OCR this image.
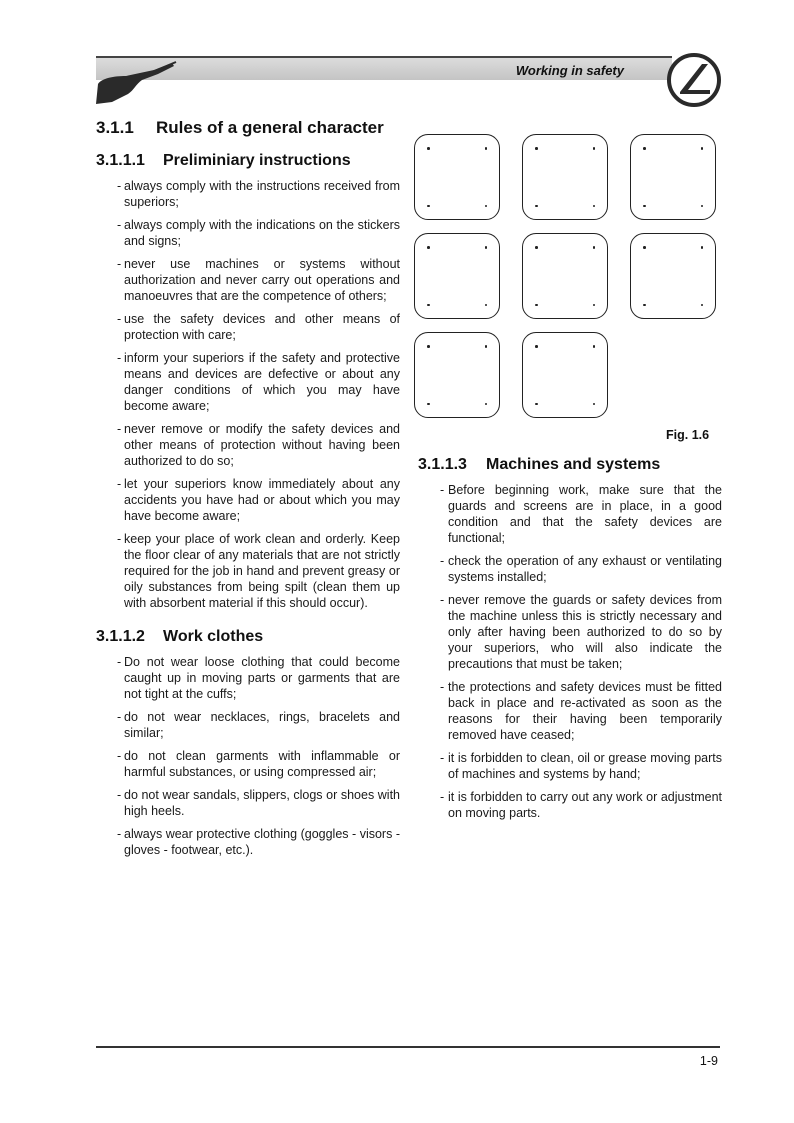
Working in safety
3.1.1	Rules of a general character
3.1.1.1	Preliminiary instructions
- always comply with the instructions received from superiors;
- always comply with the indications on the stickers and signs;
- never use machines or systems without authorization and never carry out operations and manoeuvres that are the competence of others;
- use the safety devices and other means of protection with care;
- inform your superiors if the safety and protective means and devices are defective or about any danger conditions of which you may have become aware;
- never remove or modify the safety devices and other means of protection without having been authorized to do so;
- let your superiors know immediately about any accidents you have had or about which you may have become aware;
- keep your place of work clean and orderly. Keep the floor clear of any materials that are not strictly required for the job in hand and prevent greasy or oily substances from being spilt (clean them up with absorbent material if this should occur).
3.1.1.2	Work clothes
- Do not wear loose clothing that could become caught up in moving parts or garments that are not tight at the cuffs;
- do not wear necklaces, rings, bracelets and similar;
- do not clean garments with inflammable or harmful substances, or using compressed air;
- do not wear sandals, slippers, clogs or shoes with high heels.
- always wear protective clothing (goggles - visors - gloves - footwear, etc.).
Fig. 1.6
3.1.1.3	Machines and systems
- Before beginning work, make sure that the guards and screens are in place, in a good condition and that the safety devices are functional;
- check the operation of any exhaust or ventilating systems installed;
- never remove the guards or safety devices from the machine unless this is strictly necessary and only after having been authorized to do so by your superiors, who will also indicate the precautions that must be taken;
- the protections and safety devices must be fitted back in place and re-activated as soon as the reasons for their having been temporarily removed have ceased;
- it is forbidden to clean, oil or grease moving parts of machines and systems by hand;
- it is forbidden to carry out any work or adjustment on moving parts.
1-9
